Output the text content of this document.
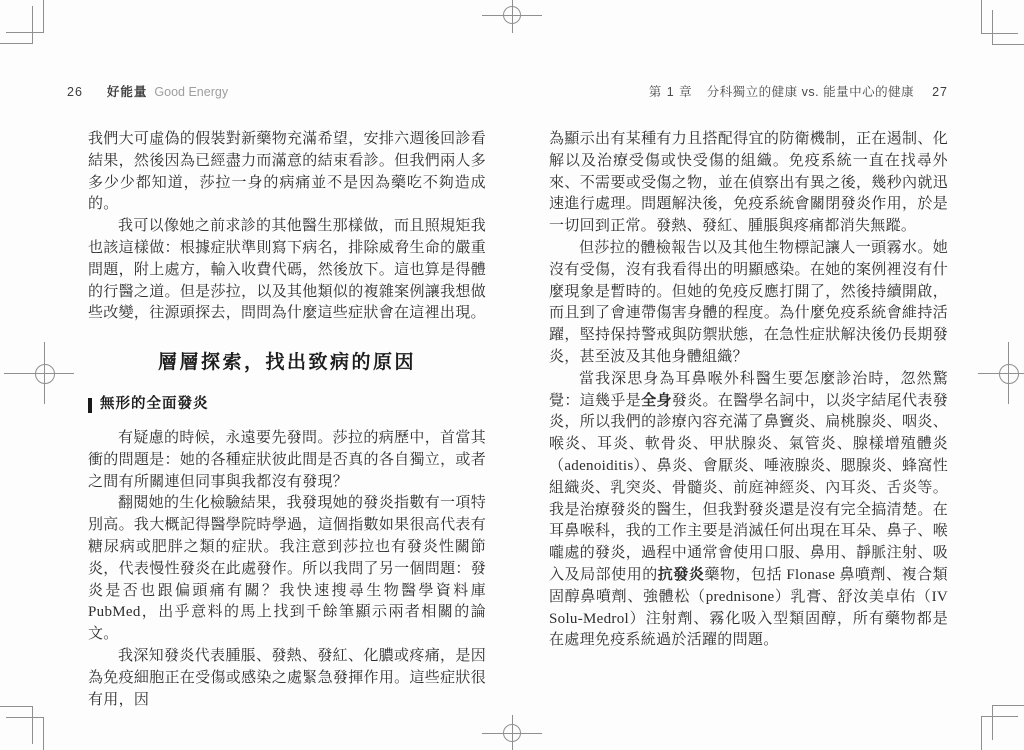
26 好能量 Good Energy	第 1 章 分科獨立的健康 vs. 能量中心的健康 27

我們大可虛偽的假裝對新藥物充滿希望，安排六週後回診看結果，然後因為已經盡力而滿意的結束看診。但我們兩人多多少少都知道，莎拉一身的病痛並不是因為藥吃不夠造成的。

我可以像她之前求診的其他醫生那樣做，而且照規矩我也該這樣做：根據症狀準則寫下病名，排除威脅生命的嚴重問題，附上處方，輸入收費代碼，然後放下。這也算是得體的行醫之道。但是莎拉，以及其他類似的複雜案例讓我想做些改變，往源頭探去，問問為什麼這些症狀會在這裡出現。

層層探索，找出致病的原因
無形的全面發炎

有疑慮的時候，永遠要先發問。莎拉的病歷中，首當其衝的問題是：她的各種症狀彼此間是否真的各自獨立，或者之間有所關連但同事與我都沒有發現？

翻閱她的生化檢驗結果，我發現她的發炎指數有一項特別高。我大概記得醫學院時學過，這個指數如果很高代表有糖尿病或肥胖之類的症狀。我注意到莎拉也有發炎性關節炎，代表慢性發炎在此處發作。所以我問了另一個問題：發炎是否也跟偏頭痛有關？我快速搜尋生物醫學資料庫 PubMed，出乎意料的馬上找到千餘筆顯示兩者相關的論文。

我深知發炎代表腫脹、發熱、發紅、化膿或疼痛，是因為免疫細胞正在受傷或感染之處緊急發揮作用。這些症狀很有用，因

為顯示出有某種有力且搭配得宜的防衛機制，正在遏制、化解以及治療受傷或快受傷的組織。免疫系統一直在找尋外來、不需要或受傷之物，並在偵察出有異之後，幾秒內就迅速進行處理。問題解決後，免疫系統會關閉發炎作用，於是一切回到正常。發熱、發紅、腫脹與疼痛都消失無蹤。

但莎拉的體檢報告以及其他生物標記讓人一頭霧水。她沒有受傷，沒有我看得出的明顯感染。在她的案例裡沒有什麼現象是暫時的。但她的免疫反應打開了，然後持續開啟，而且到了會連帶傷害身體的程度。為什麼免疫系統會維持活躍，堅持保持警戒與防禦狀態，在急性症狀解決後仍長期發炎，甚至波及其他身體組織？

當我深思身為耳鼻喉外科醫生要怎麼診治時，忽然驚覺：這幾乎是全身發炎。在醫學名詞中，以炎字結尾代表發炎，所以我們的診療內容充滿了鼻竇炎、扁桃腺炎、咽炎、喉炎、耳炎、軟骨炎、甲狀腺炎、氣管炎、腺樣增殖體炎（adenoiditis）、鼻炎、會厭炎、唾液腺炎、腮腺炎、蜂窩性組織炎、乳突炎、骨髓炎、前庭神經炎、內耳炎、舌炎等。我是治療發炎的醫生，但我對發炎還是沒有完全搞清楚。在耳鼻喉科，我的工作主要是消滅任何出現在耳朵、鼻子、喉嚨處的發炎，過程中通常會使用口服、鼻用、靜脈注射、吸入及局部使用的抗發炎藥物，包括 Flonase 鼻噴劑、複合類固醇鼻噴劑、強體松（prednisone）乳膏、舒汝美卓佑（IV Solu-Medrol）注射劑、霧化吸入型類固醇，所有藥物都是在處理免疫系統過於活躍的問題。
